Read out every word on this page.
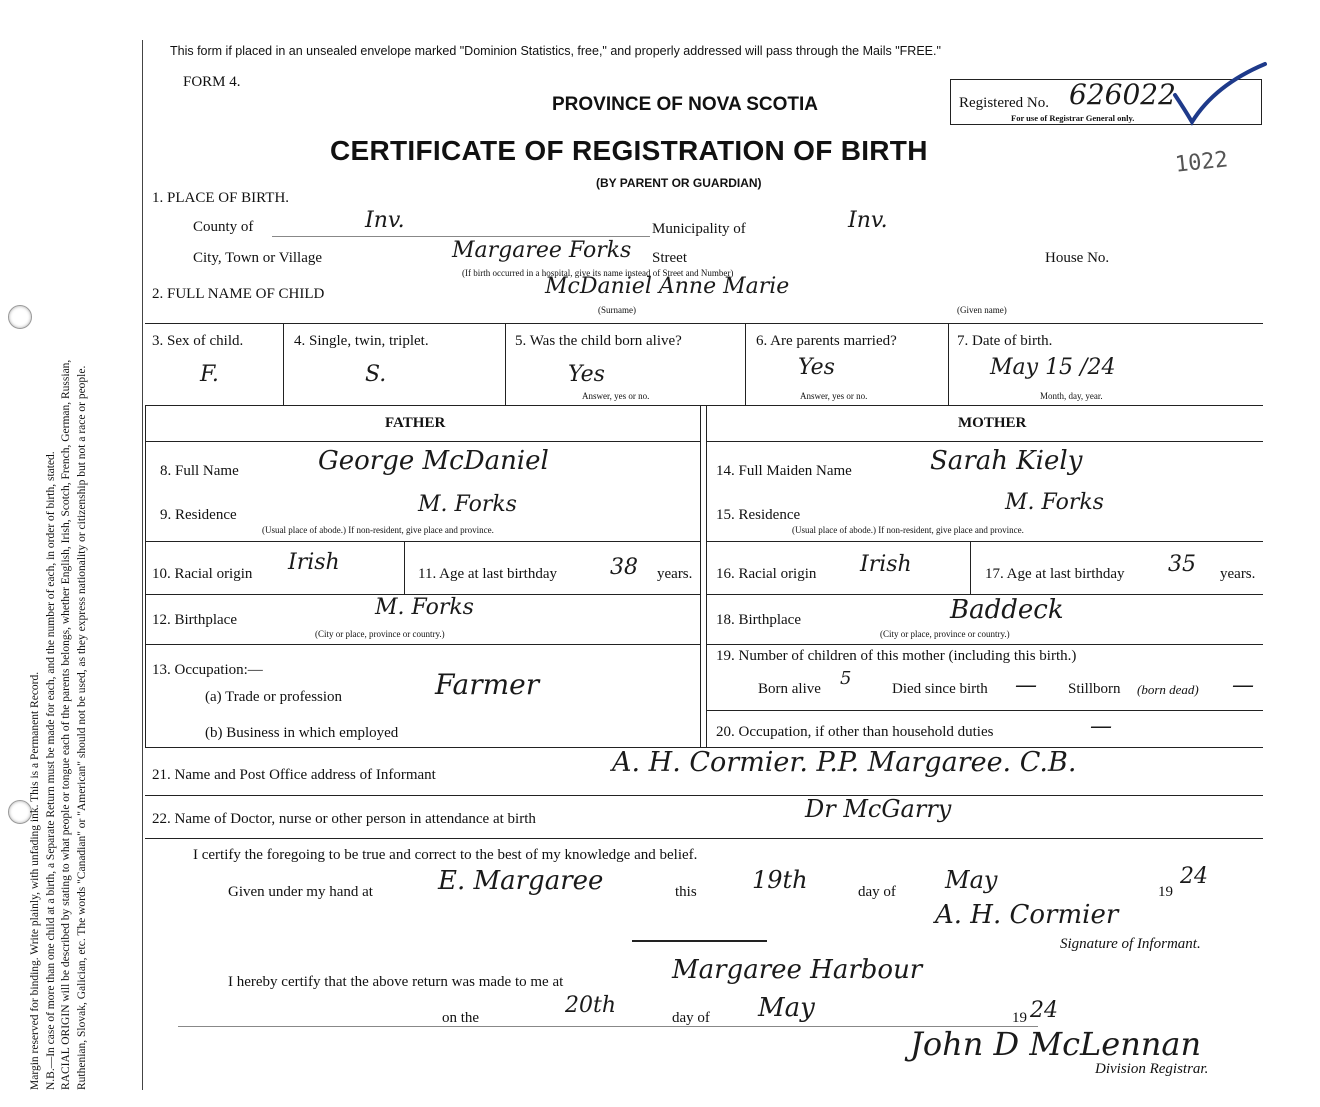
Margin reserved for binding. Write plainly, with unfading ink. This is a Permanent Record. N.B.—In case of more than one child at a birth, a Separate Return must be made for each, and the number of each, in order of birth, stated. RACIAL ORIGIN will be described by stating to what people or tongue each of the parents belongs, whether English, Irish, Scotch, French, German, Russian, Ruthenian, Slovak, Galician, etc. The words "Canadian" or "American" should not be used, as they express nationality or citizenship but not a race or people.
This form if placed in an unsealed envelope marked "Dominion Statistics, free," and properly addressed will pass through the Mails "FREE."
FORM 4.
PROVINCE OF NOVA SCOTIA
CERTIFICATE OF REGISTRATION OF BIRTH
(BY PARENT OR GUARDIAN)
Registered No. 626022
For use of Registrar General only.
1022
1. PLACE OF BIRTH.
County of	Inv.	Municipality of	Inv.
City, Town or Village	Margaree Forks Street	House No.
(If birth occurred in a hospital, give its name instead of Street and Number)
2. FULL NAME OF CHILD	McDaniel Anne Marie
(Surname)	(Given name)
3. Sex of child.
F.
4. Single, twin, triplet.
S.
5. Was the child born alive?
Yes
Answer, yes or no.
6. Are parents married?
Yes
Answer, yes or no.
7. Date of birth.
May 15 /24
Month, day, year.
FATHER
8. Full Name	George McDaniel
9. Residence	M. Forks
(Usual place of abode.) If non-resident, give place and province.
10. Racial origin Irish	11. Age at last birthday 38 years.
12. Birthplace	M. Forks
(City or place, province or country.)
13. Occupation:—
(a) Trade or profession	Farmer
(b) Business in which employed
MOTHER
14. Full Maiden Name	Sarah Kiely
15. Residence	M. Forks
(Usual place of abode.) If non-resident, give place and province.
16. Racial origin Irish	17. Age at last birthday 35 years.
18. Birthplace	Baddeck
(City or place, province or country.)
19. Number of children of this mother (including this birth.)
Born alive 5	Died since birth — Stillborn (born dead) —
20. Occupation, if other than household duties	—
21. Name and Post Office address of Informant	A. H. Cormier. P.P. Margaree. C.B.
22. Name of Doctor, nurse or other person in attendance at birth	Dr McGarry
I certify the foregoing to be true and correct to the best of my knowledge and belief.
Given under my hand at	E. Margaree	this 19th	day of May	19
24
A. H. Cormier
Signature of Informant.
I hereby certify that the above return was made to me at	Margaree Harbour
on the	20th	day of May	19 24
John D McLennan
Division Registrar.
